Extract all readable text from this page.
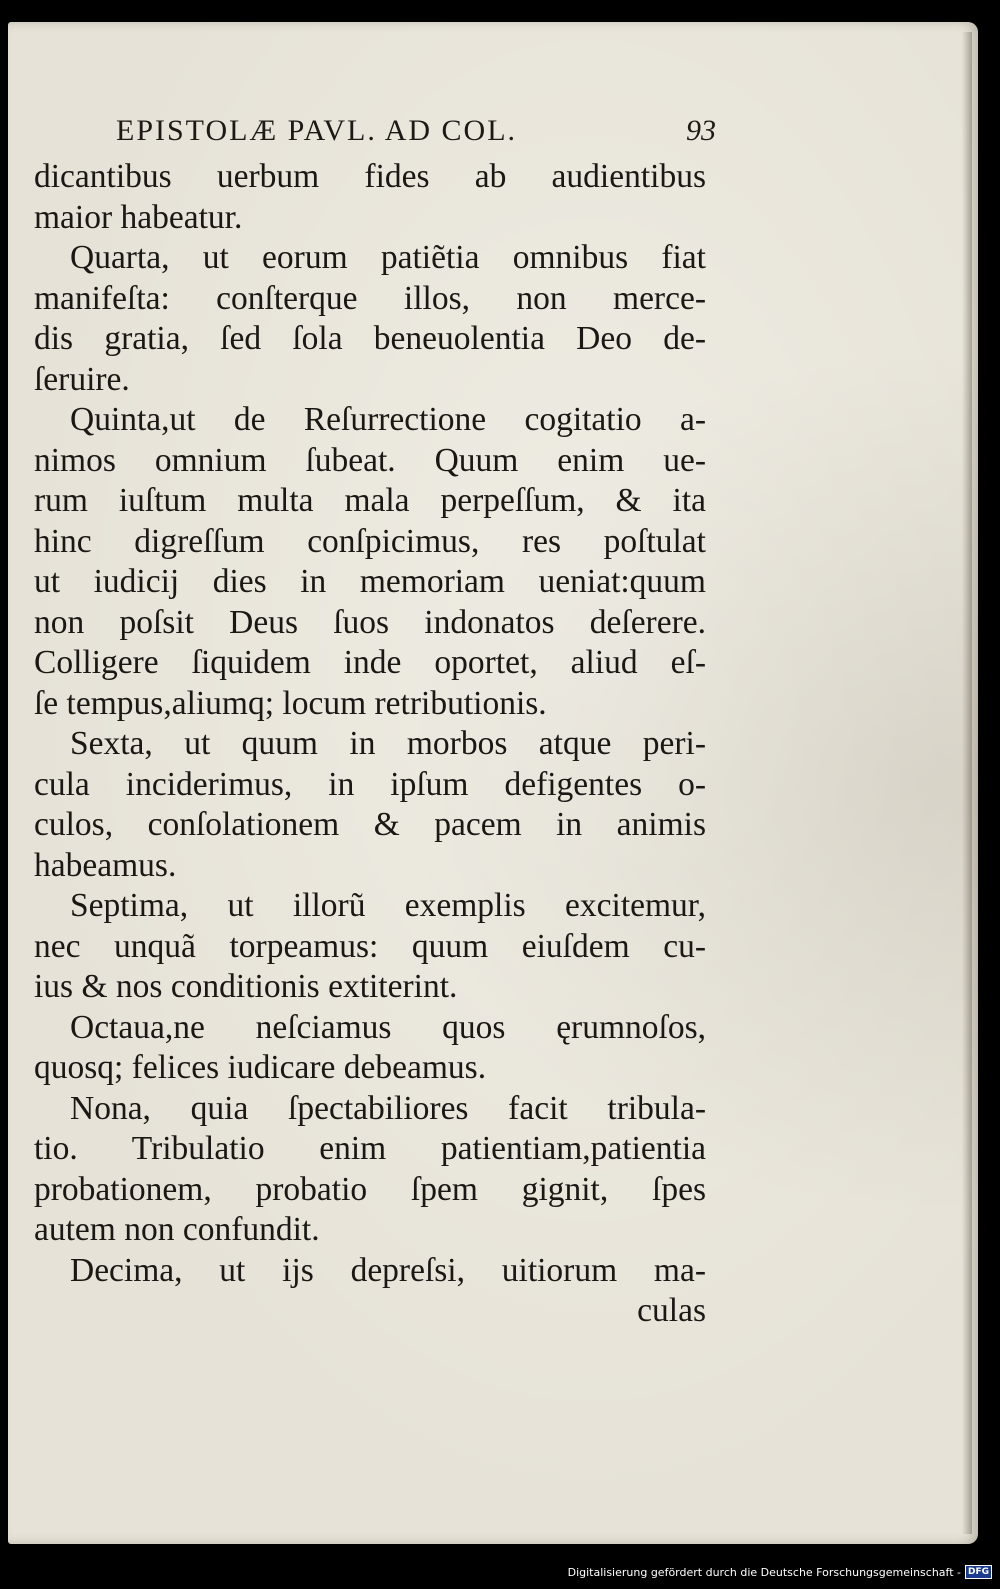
EPISTOLÆ PAVL. AD COL.	93
dicantibus uerbum fides ab audientibus
maior habeatur.
Quarta, ut eorum patiẽtia omnibus fiat
manifeſta: conſterque illos, non merce-
dis gratia, ſed ſola beneuolentia Deo de-
ſeruire.
Quinta,ut de Reſurrectione cogitatio a-
nimos omnium ſubeat. Quum enim ue-
rum iuſtum multa mala perpeſſum, & ita
hinc digreſſum conſpicimus, res poſtulat
ut iudicij dies in memoriam ueniat:quum
non poſsit Deus ſuos indonatos deſerere.
Colligere ſiquidem inde oportet, aliud eſ-
ſe tempus,aliumq; locum retributionis.
Sexta, ut quum in morbos atque peri-
cula inciderimus, in ipſum defigentes o-
culos, conſolationem & pacem in animis
habeamus.
Septima, ut illorũ exemplis excitemur,
nec unquã torpeamus: quum eiuſdem cu-
ius & nos conditionis extiterint.
Octaua,ne neſciamus quos ęrumnoſos,
quosq; felices iudicare debeamus.
Nona, quia ſpectabiliores facit tribula-
tio. Tribulatio enim patientiam,patientia
probationem, probatio ſpem gignit, ſpes
autem non confundit.
Decima, ut ijs depreſsi, uitiorum ma-
culas
Digitalisierung gefördert durch die Deutsche Forschungsgemeinschaft - DFG
